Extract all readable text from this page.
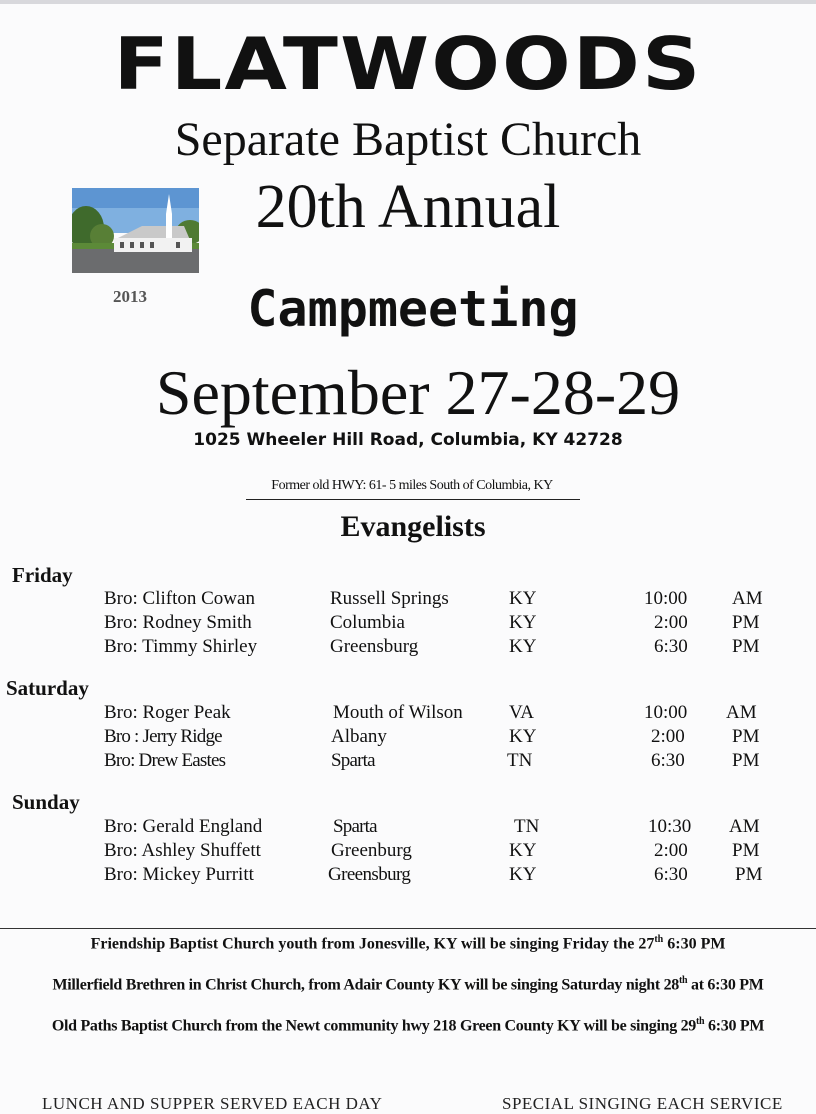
FLATWOODS
Separate Baptist Church
2013
20th Annual
Campmeeting
September 27-28-29
1025 Wheeler Hill Road, Columbia, KY 42728
Former old HWY: 61- 5 miles South of Columbia, KY
Evangelists
Friday
Bro: Clifton Cowan	Russell Springs	KY	10:00 AM
Bro: Rodney Smith	Columbia	KY	2:00 PM
Bro: Timmy Shirley	Greensburg	KY	6:30 PM
Saturday
Bro: Roger Peak	Mouth of Wilson VA	10:00 AM
Bro : Jerry Ridge	Albany	KY	2:00 PM
Bro: Drew Eastes	Sparta	TN	6:30 PM
Sunday
Bro: Gerald England	Sparta	TN	10:30 AM
Bro: Ashley Shuffett	Greenburg	KY	2:00 PM
Bro: Mickey Purritt	Greensburg	KY	6:30 PM
Friendship Baptist Church youth from Jonesville, KY will be singing Friday the 27th 6:30 PM
Millerfield Brethren in Christ Church, from Adair County KY will be singing Saturday night 28th at 6:30 PM
Old Paths Baptist Church from the Newt community hwy 218 Green County KY will be singing 29th 6:30 PM
LUNCH AND SUPPER SERVED EACH DAY	SPECIAL SINGING EACH SERVICE
